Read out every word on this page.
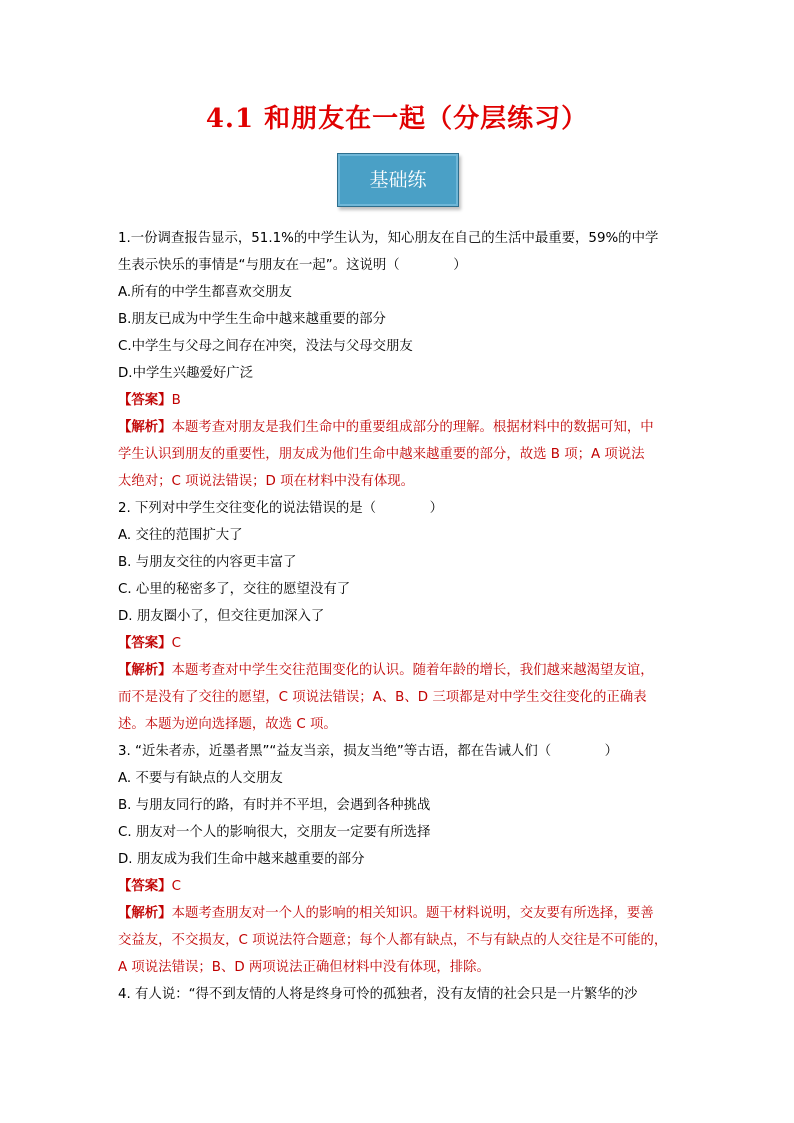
4.1 和朋友在一起（分层练习）
基础练

1.一份调查报告显示，51.1%的中学生认为，知心朋友在自己的生活中最重要，59%的中学

生表示快乐的事情是“与朋友在一起”。这说明（　　　　）

A.所有的中学生都喜欢交朋友

B.朋友已成为中学生生命中越来越重要的部分

C.中学生与父母之间存在冲突，没法与父母交朋友

D.中学生兴趣爱好广泛

【答案】B

【解析】本题考查对朋友是我们生命中的重要组成部分的理解。根据材料中的数据可知，中

学生认识到朋友的重要性，朋友成为他们生命中越来越重要的部分，故选 B 项；A 项说法

太绝对；C 项说法错误；D 项在材料中没有体现。

2. 下列对中学生交往变化的说法错误的是（　　　　）

A. 交往的范围扩大了

B. 与朋友交往的内容更丰富了

C. 心里的秘密多了，交往的愿望没有了

D. 朋友圈小了，但交往更加深入了

【答案】C

【解析】本题考查对中学生交往范围变化的认识。随着年龄的增长，我们越来越渴望友谊，

而不是没有了交往的愿望，C 项说法错误；A、B、D 三项都是对中学生交往变化的正确表

述。本题为逆向选择题，故选 C 项。

3. “近朱者赤，近墨者黑”“益友当亲，损友当绝”等古语，都在告诫人们（　　　　）

A. 不要与有缺点的人交朋友

B. 与朋友同行的路，有时并不平坦，会遇到各种挑战

C. 朋友对一个人的影响很大，交朋友一定要有所选择

D. 朋友成为我们生命中越来越重要的部分

【答案】C

【解析】本题考查朋友对一个人的影响的相关知识。题干材料说明，交友要有所选择，要善

交益友，不交损友，C 项说法符合题意；每个人都有缺点，不与有缺点的人交往是不可能的，

A 项说法错误；B、D 两项说法正确但材料中没有体现，排除。

4. 有人说：“得不到友情的人将是终身可怜的孤独者，没有友情的社会只是一片繁华的沙
